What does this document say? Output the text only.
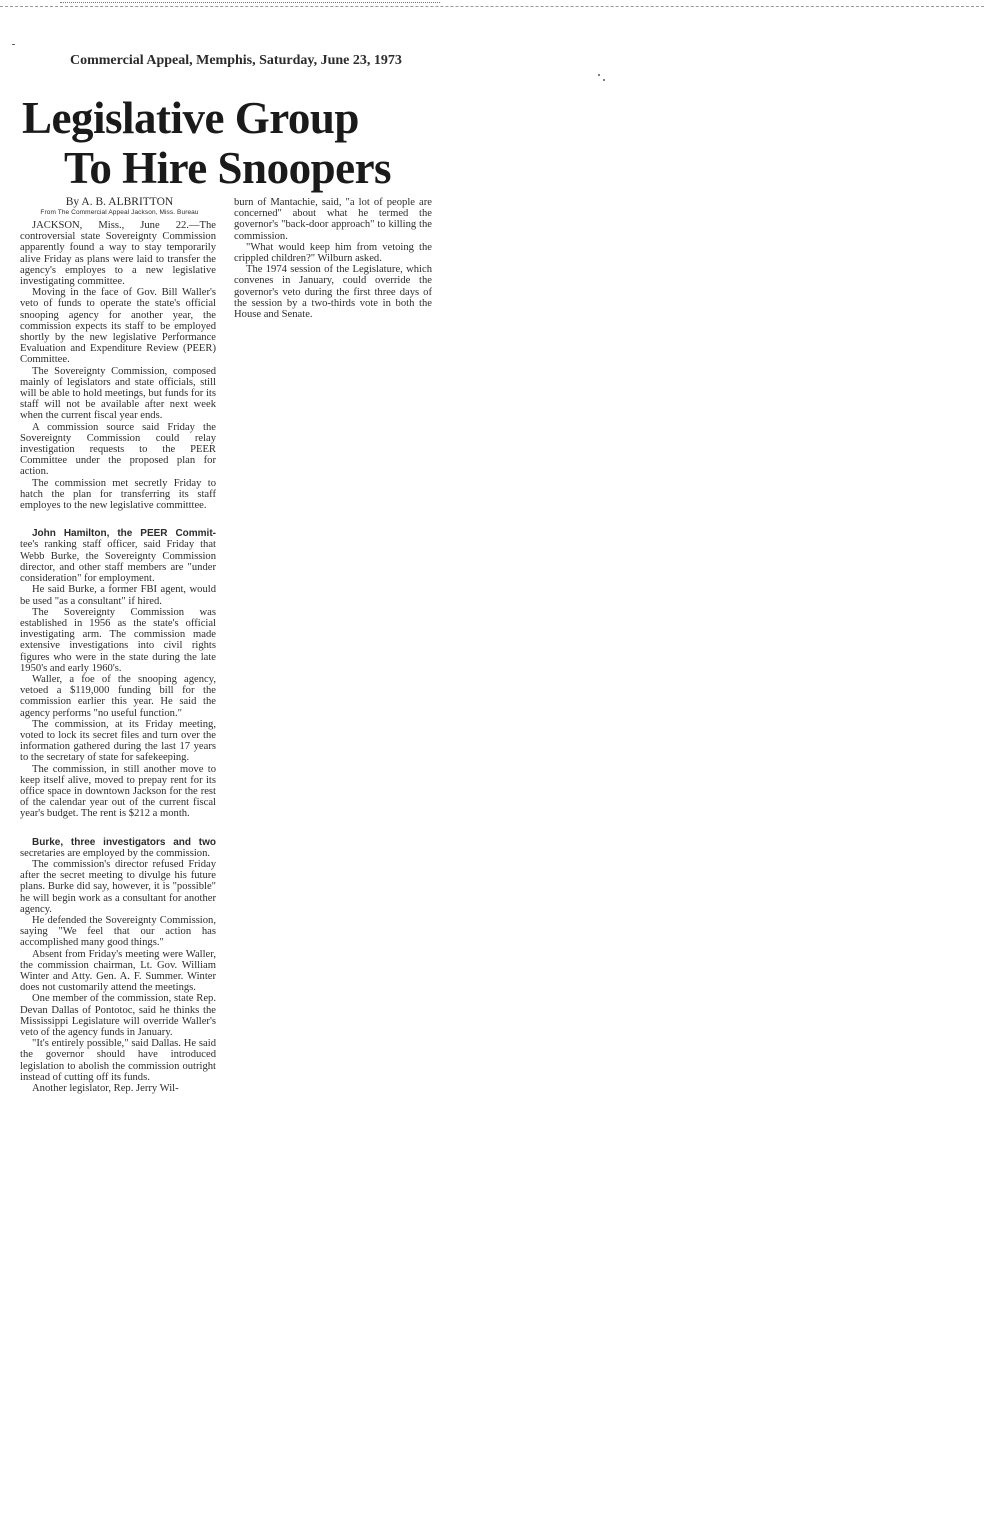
Commercial Appeal, Memphis, Saturday, June 23, 1973
Legislative Group
To Hire Snoopers
By A. B. ALBRITTON
From The Commercial Appeal Jackson, Miss. Bureau

JACKSON, Miss., June 22.—The controversial state Sovereignty Commission apparently found a way to stay temporarily alive Friday as plans were laid to transfer the agency's employes to a new legislative investigating committee.

Moving in the face of Gov. Bill Waller's veto of funds to operate the state's official snooping agency for another year, the commission expects its staff to be employed shortly by the new legislative Performance Evaluation and Expenditure Review (PEER) Committee.

The Sovereignty Commission, composed mainly of legislators and state officials, still will be able to hold meetings, but funds for its staff will not be available after next week when the current fiscal year ends.

A commission source said Friday the Sovereignty Commission could relay investigation requests to the PEER Committee under the proposed plan for action.

The commission met secretly Friday to hatch the plan for transferring its staff employes to the new legislative committtee.

John Hamilton, the PEER Commit- tee's ranking staff officer, said Friday that Webb Burke, the Sovereignty Commission director, and other staff members are "under consideration" for employment.

He said Burke, a former FBI agent, would be used "as a consultant" if hired.

The Sovereignty Commission was established in 1956 as the state's official investigating arm. The commission made extensive investigations into civil rights figures who were in the state during the late 1950's and early 1960's.

Waller, a foe of the snooping agency, vetoed a $119,000 funding bill for the commission earlier this year. He said the agency performs "no useful function."

The commission, at its Friday meeting, voted to lock its secret files and turn over the information gathered during the last 17 years to the secretary of state for safekeeping.

The commission, in still another move to keep itself alive, moved to prepay rent for its office space in downtown Jackson for the rest of the calendar year out of the current fiscal year's budget. The rent is $212 a month.

Burke, three investigators and two secretaries are employed by the commission.

The commission's director refused Friday after the secret meeting to divulge his future plans. Burke did say, however, it is "possible" he will begin work as a consultant for another agency.

He defended the Sovereignty Commission, saying "We feel that our action has accomplished many good things."

Absent from Friday's meeting were Waller, the commission chairman, Lt. Gov. William Winter and Atty. Gen. A. F. Summer. Winter does not customarily attend the meetings.

One member of the commission, state Rep. Devan Dallas of Pontotoc, said he thinks the Mississippi Legislature will override Waller's veto of the agency funds in January.

"It's entirely possible," said Dallas. He said the governor should have introduced legislation to abolish the commission outright instead of cutting off its funds.

Another legislator, Rep. Jerry Wil-

burn of Mantachie, said, "a lot of people are concerned" about what he termed the governor's "back-door approach" to killing the commission.

"What would keep him from vetoing the crippled children?" Wilburn asked.

The 1974 session of the Legislature, which convenes in January, could override the governor's veto during the first three days of the session by a two-thirds vote in both the House and Senate.
